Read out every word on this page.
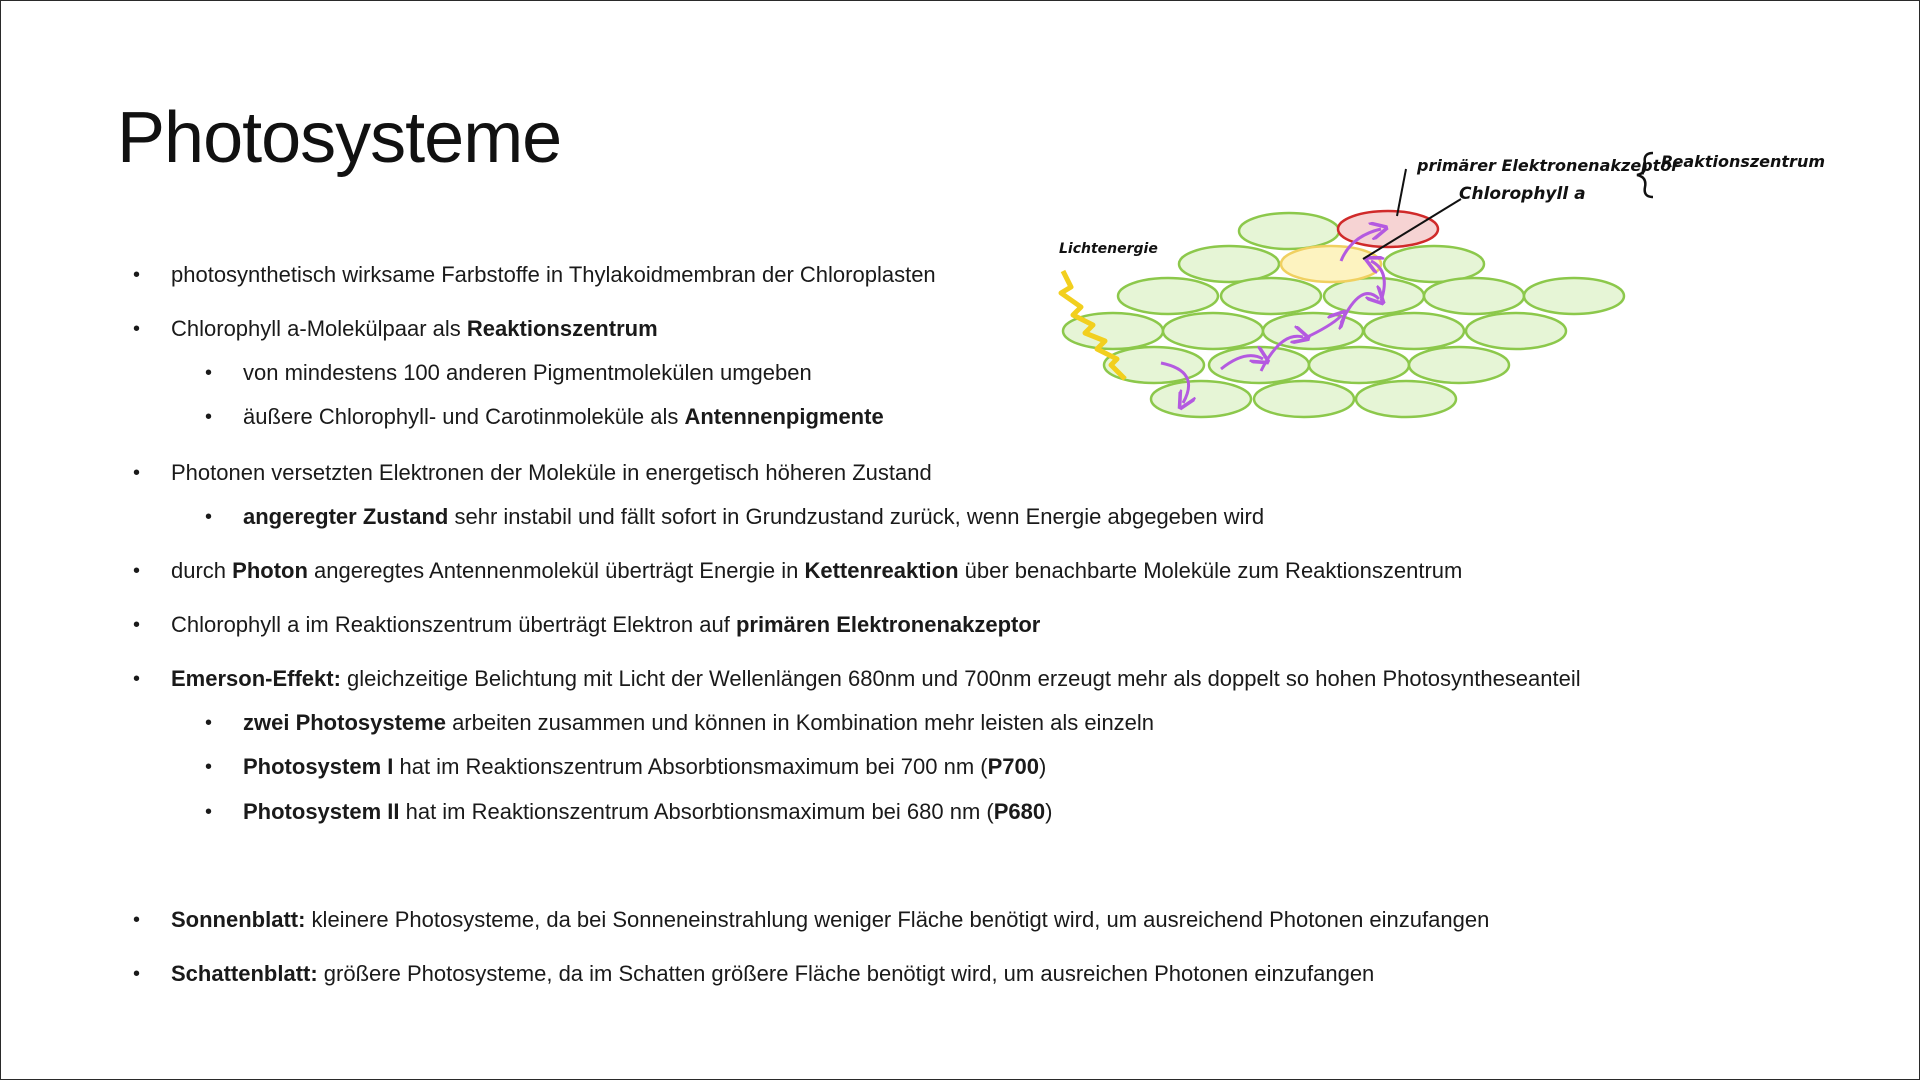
Photosysteme
• photosynthetisch wirksame Farbstoffe in Thylakoidmembran der Chloroplasten
• Chlorophyll a-Molekülpaar als Reaktionszentrum
• von mindestens 100 anderen Pigmentmolekülen umgeben
• äußere Chlorophyll- und Carotinmoleküle als Antennenpigmente
• Photonen versetzten Elektronen der Moleküle in energetisch höheren Zustand
• angeregter Zustand sehr instabil und fällt sofort in Grundzustand zurück, wenn Energie abgegeben wird
• durch Photon angeregtes Antennenmolekül überträgt Energie in Kettenreaktion über benachbarte Moleküle zum Reaktionszentrum
• Chlorophyll a im Reaktionszentrum überträgt Elektron auf primären Elektronenakzeptor
• Emerson-Effekt: gleichzeitige Belichtung mit Licht der Wellenlängen 680nm und 700nm erzeugt mehr als doppelt so hohen Photosyntheseanteil
• zwei Photosysteme arbeiten zusammen und können in Kombination mehr leisten als einzeln
• Photosystem I hat im Reaktionszentrum Absorbtionsmaximum bei 700 nm (P700)
• Photosystem II hat im Reaktionszentrum Absorbtionsmaximum bei 680 nm (P680)
• Sonnenblatt: kleinere Photosysteme, da bei Sonneneinstrahlung weniger Fläche benötigt wird, um ausreichend Photonen einzufangen
• Schattenblatt: größere Photosysteme, da im Schatten größere Fläche benötigt wird, um ausreichen Photonen einzufangen
Lichtenergie
primärer Elektronenakzeptor
Chlorophyll a
Reaktionszentrum
